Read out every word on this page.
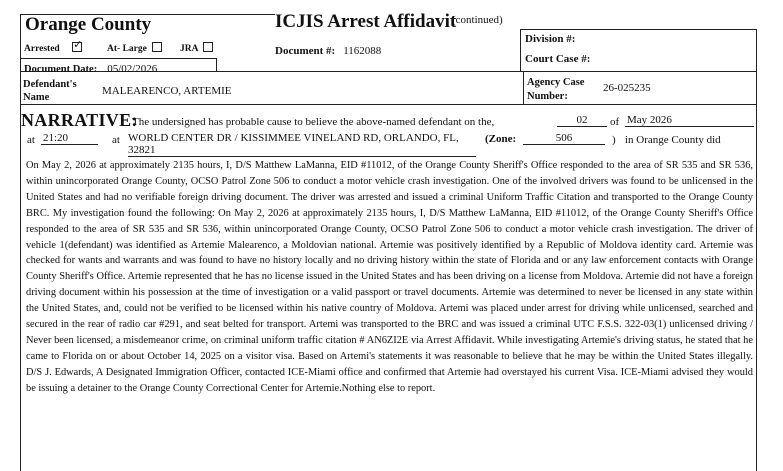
Orange County	ICJIS Arrest Affidavit
(continued)
Arrested ✓	At- Large	JRA	Document #: 1162088
Division #:
Court Case #:
Document Date: 05/02/2026
Defendant's Name
MALEARENCO, ARTEMIE
Agency Case Number:
26-025235
NARRATIVE:
The undersigned has probable cause to believe the above-named defendant on the,	02	of May 2026
at 21:20	at WORLD CENTER DR / KISSIMMEE VINELAND RD, ORLANDO, FL, 32821
(Zone:	506	) in Orange County did
On May 2, 2026 at approximately 2135 hours, I, D/S Matthew LaManna, EID #11012, of the Orange County Sheriff's Office responded to the area of SR 535 and SR 536, within unincorporated Orange County, OCSO Patrol Zone 506 to conduct a motor vehicle crash investigation. One of the involved drivers was found to be unlicensed in the United States and had no verifiable foreign driving document. The driver was arrested and issued a criminal Uniform Traffic Citation and transported to the Orange County BRC. My investigation found the following: On May 2, 2026 at approximately 2135 hours, I, D/S Matthew LaManna, EID #11012, of the Orange County Sheriff's Office responded to the area of SR 535 and SR 536, within unincorporated Orange County, OCSO Patrol Zone 506 to conduct a motor vehicle crash investigation. The driver of vehicle 1(defendant) was identified as Artemie Malearenco, a Moldovian national. Artemie was positively identified by a Republic of Moldova identity card. Artemie was checked for wants and warrants and was found to have no history locally and no driving history within the state of Florida and or any law enforcement contacts with Orange County Sheriff's Office. Artemie represented that he has no license issued in the United States and has been driving on a license from Moldova. Artemie did not have a foreign driving document within his possession at the time of investigation or a valid passport or travel documents. Artemie was determined to never be licensed in any state within the United States, and, could not be verified to be licensed within his native country of Moldova. Artemi was placed under arrest for driving while unlicensed, searched and secured in the rear of radio car #291, and seat belted for transport. Artemi was transported to the BRC and was issued a criminal UTC F.S.S. 322-03(1) unlicensed driving / Never been licensed, a misdemeanor crime, on criminal uniform traffic citation # AN6ZI2E via Arrest Affidavit. While investigating Artemie's driving status, he stated that he came to Florida on or about October 14, 2025 on a visitor visa. Based on Artemi's statements it was reasonable to believe that he may be within the United States illegally. D/S J. Edwards, A Designated Immigration Officer, contacted ICE-Miami office and confirmed that Artemie had overstayed his current Visa. ICE-Miami advised they would be issuing a detainer to the Orange County Correctional Center for Artemie.Nothing else to report.
